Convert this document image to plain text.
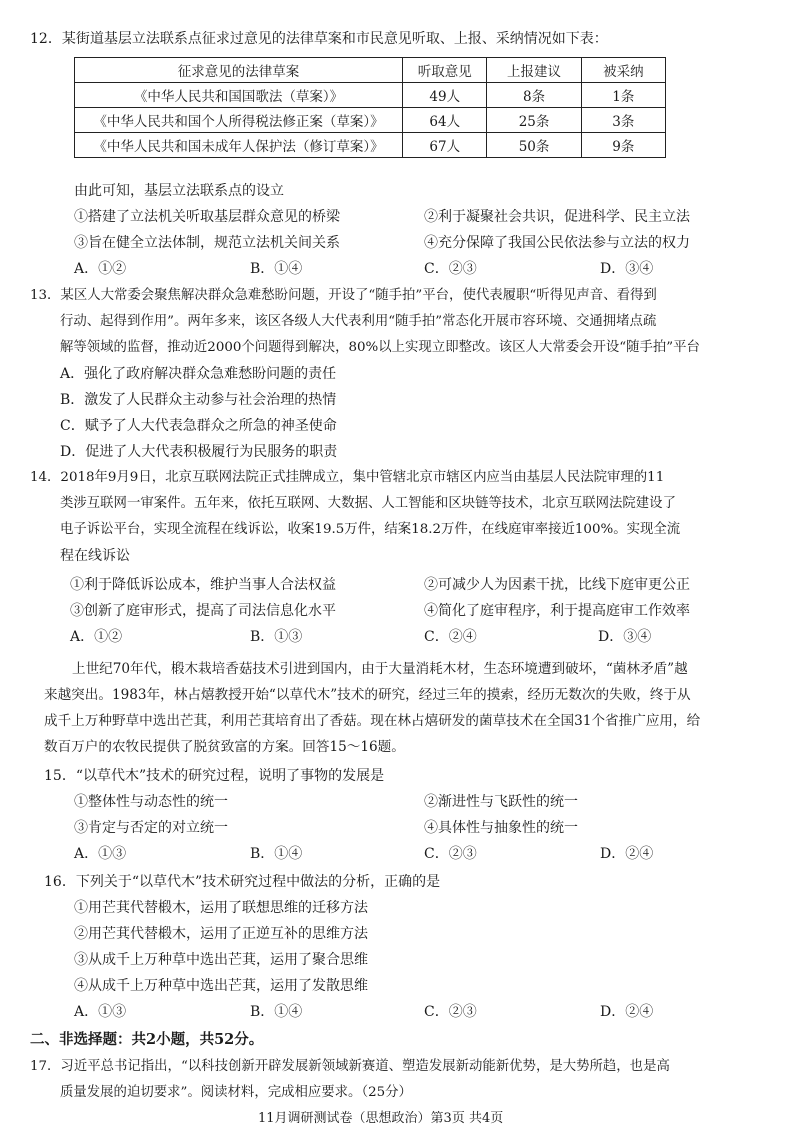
12．某街道基层立法联系点征求过意见的法律草案和市民意见听取、上报、采纳情况如下表：
征求意见的法律草案	听取意见	上报建议	被采纳
《中华人民共和国国歌法（草案）》	49人	8条	1条
《中华人民共和国个人所得税法修正案（草案）》	64人	25条	3条
《中华人民共和国未成年人保护法（修订草案）》	67人	50条	9条
由此可知，基层立法联系点的设立
①搭建了立法机关听取基层群众意见的桥梁	②利于凝聚社会共识，促进科学、民主立法
③旨在健全立法体制，规范立法机关间关系	④充分保障了我国公民依法参与立法的权力
A．①②	B．①④	C．②③	D．③④
13．某区人大常委会聚焦解决群众急难愁盼问题，开设了“随手拍”平台，使代表履职“听得见声音、看得到
行动、起得到作用”。两年多来，该区各级人大代表利用“随手拍”常态化开展市容环境、交通拥堵点疏
解等领域的监督，推动近2000个问题得到解决，80%以上实现立即整改。该区人大常委会开设“随手拍”平台
A．强化了政府解决群众急难愁盼问题的责任
B．激发了人民群众主动参与社会治理的热情
C．赋予了人大代表急群众之所急的神圣使命
D．促进了人大代表积极履行为民服务的职责
14．2018年9月9日，北京互联网法院正式挂牌成立，集中管辖北京市辖区内应当由基层人民法院审理的11
类涉互联网一审案件。五年来，依托互联网、大数据、人工智能和区块链等技术，北京互联网法院建设了
电子诉讼平台，实现全流程在线诉讼，收案19.5万件，结案18.2万件，在线庭审率接近100%。实现全流
程在线诉讼
①利于降低诉讼成本，维护当事人合法权益	②可减少人为因素干扰，比线下庭审更公正
③创新了庭审形式，提高了司法信息化水平	④简化了庭审程序，利于提高庭审工作效率
A．①②	B．①③	C．②④	D．③④
上世纪70年代，椴木栽培香菇技术引进到国内，由于大量消耗木材，生态环境遭到破坏，“菌林矛盾”越
来越突出。1983年，林占熺教授开始“以草代木”技术的研究，经过三年的摸索，经历无数次的失败，终于从
成千上万种野草中选出芒萁，利用芒萁培育出了香菇。现在林占熺研发的菌草技术在全国31个省推广应用，给
数百万户的农牧民提供了脱贫致富的方案。回答15～16题。
15．“以草代木”技术的研究过程，说明了事物的发展是
①整体性与动态性的统一	②渐进性与飞跃性的统一
③肯定与否定的对立统一	④具体性与抽象性的统一
A．①③	B．①④	C．②③	D．②④
16．下列关于“以草代木”技术研究过程中做法的分析，正确的是
①用芒萁代替椴木，运用了联想思维的迁移方法
②用芒萁代替椴木，运用了正逆互补的思维方法
③从成千上万种草中选出芒萁，运用了聚合思维
④从成千上万种草中选出芒萁，运用了发散思维
A．①③	B．①④	C．②③	D．②④
二、非选择题：共2小题，共52分。
17．习近平总书记指出，“以科技创新开辟发展新领域新赛道、塑造发展新动能新优势，是大势所趋，也是高
质量发展的迫切要求”。阅读材料，完成相应要求。（25分）
11月调研测试卷（思想政治）第3页 共4页
